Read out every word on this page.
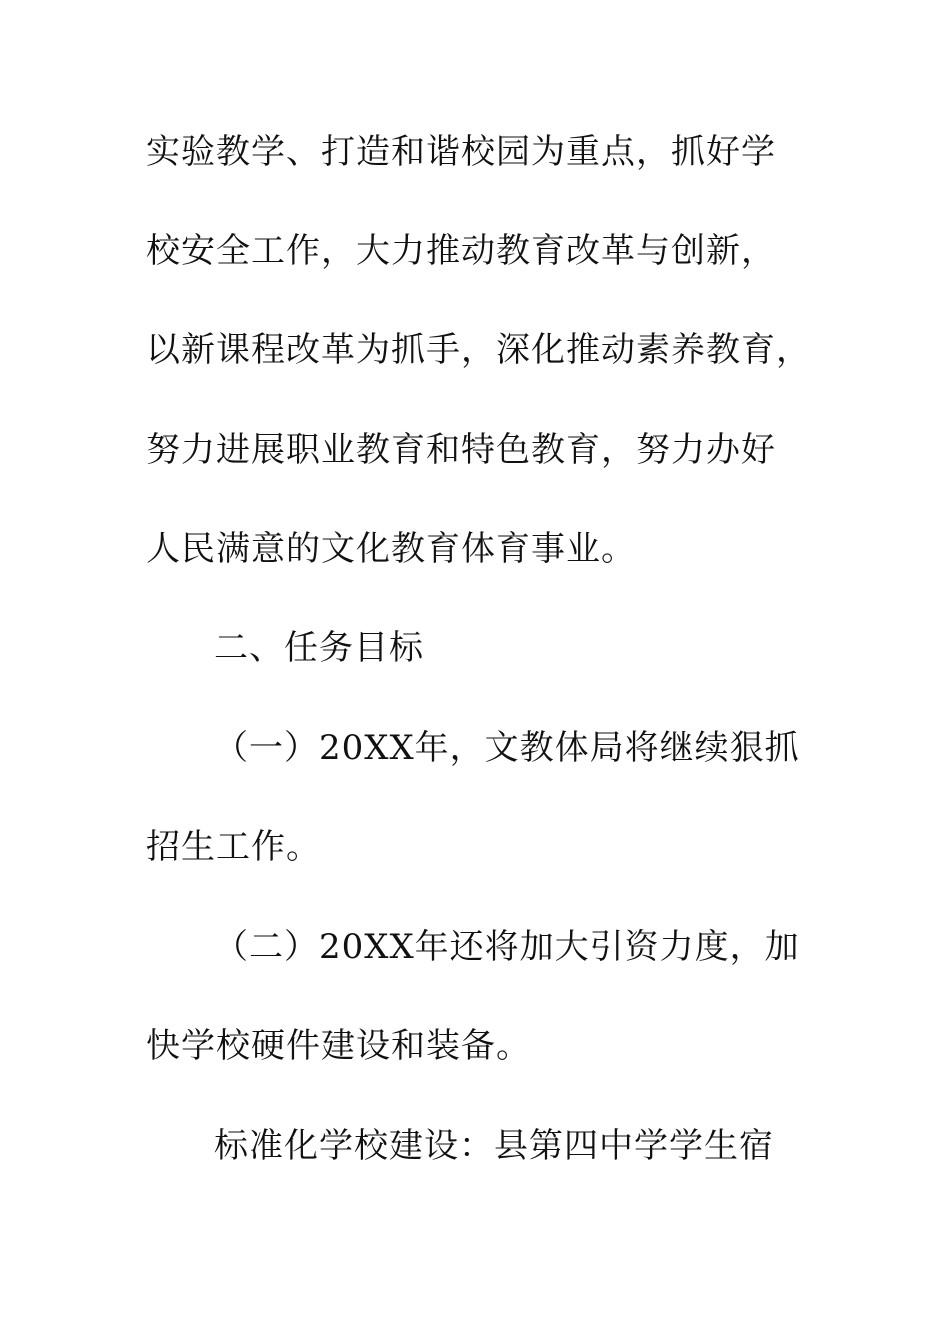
实验教学、打造和谐校园为重点，抓好学
校安全工作，大力推动教育改革与创新，
以新课程改革为抓手，深化推动素养教育，
努力进展职业教育和特色教育，努力办好
人民满意的文化教育体育事业。
二、任务目标
（一）20XX年，文教体局将继续狠抓
招生工作。
（二）20XX年还将加大引资力度，加
快学校硬件建设和装备。
标准化学校建设：县第四中学学生宿
